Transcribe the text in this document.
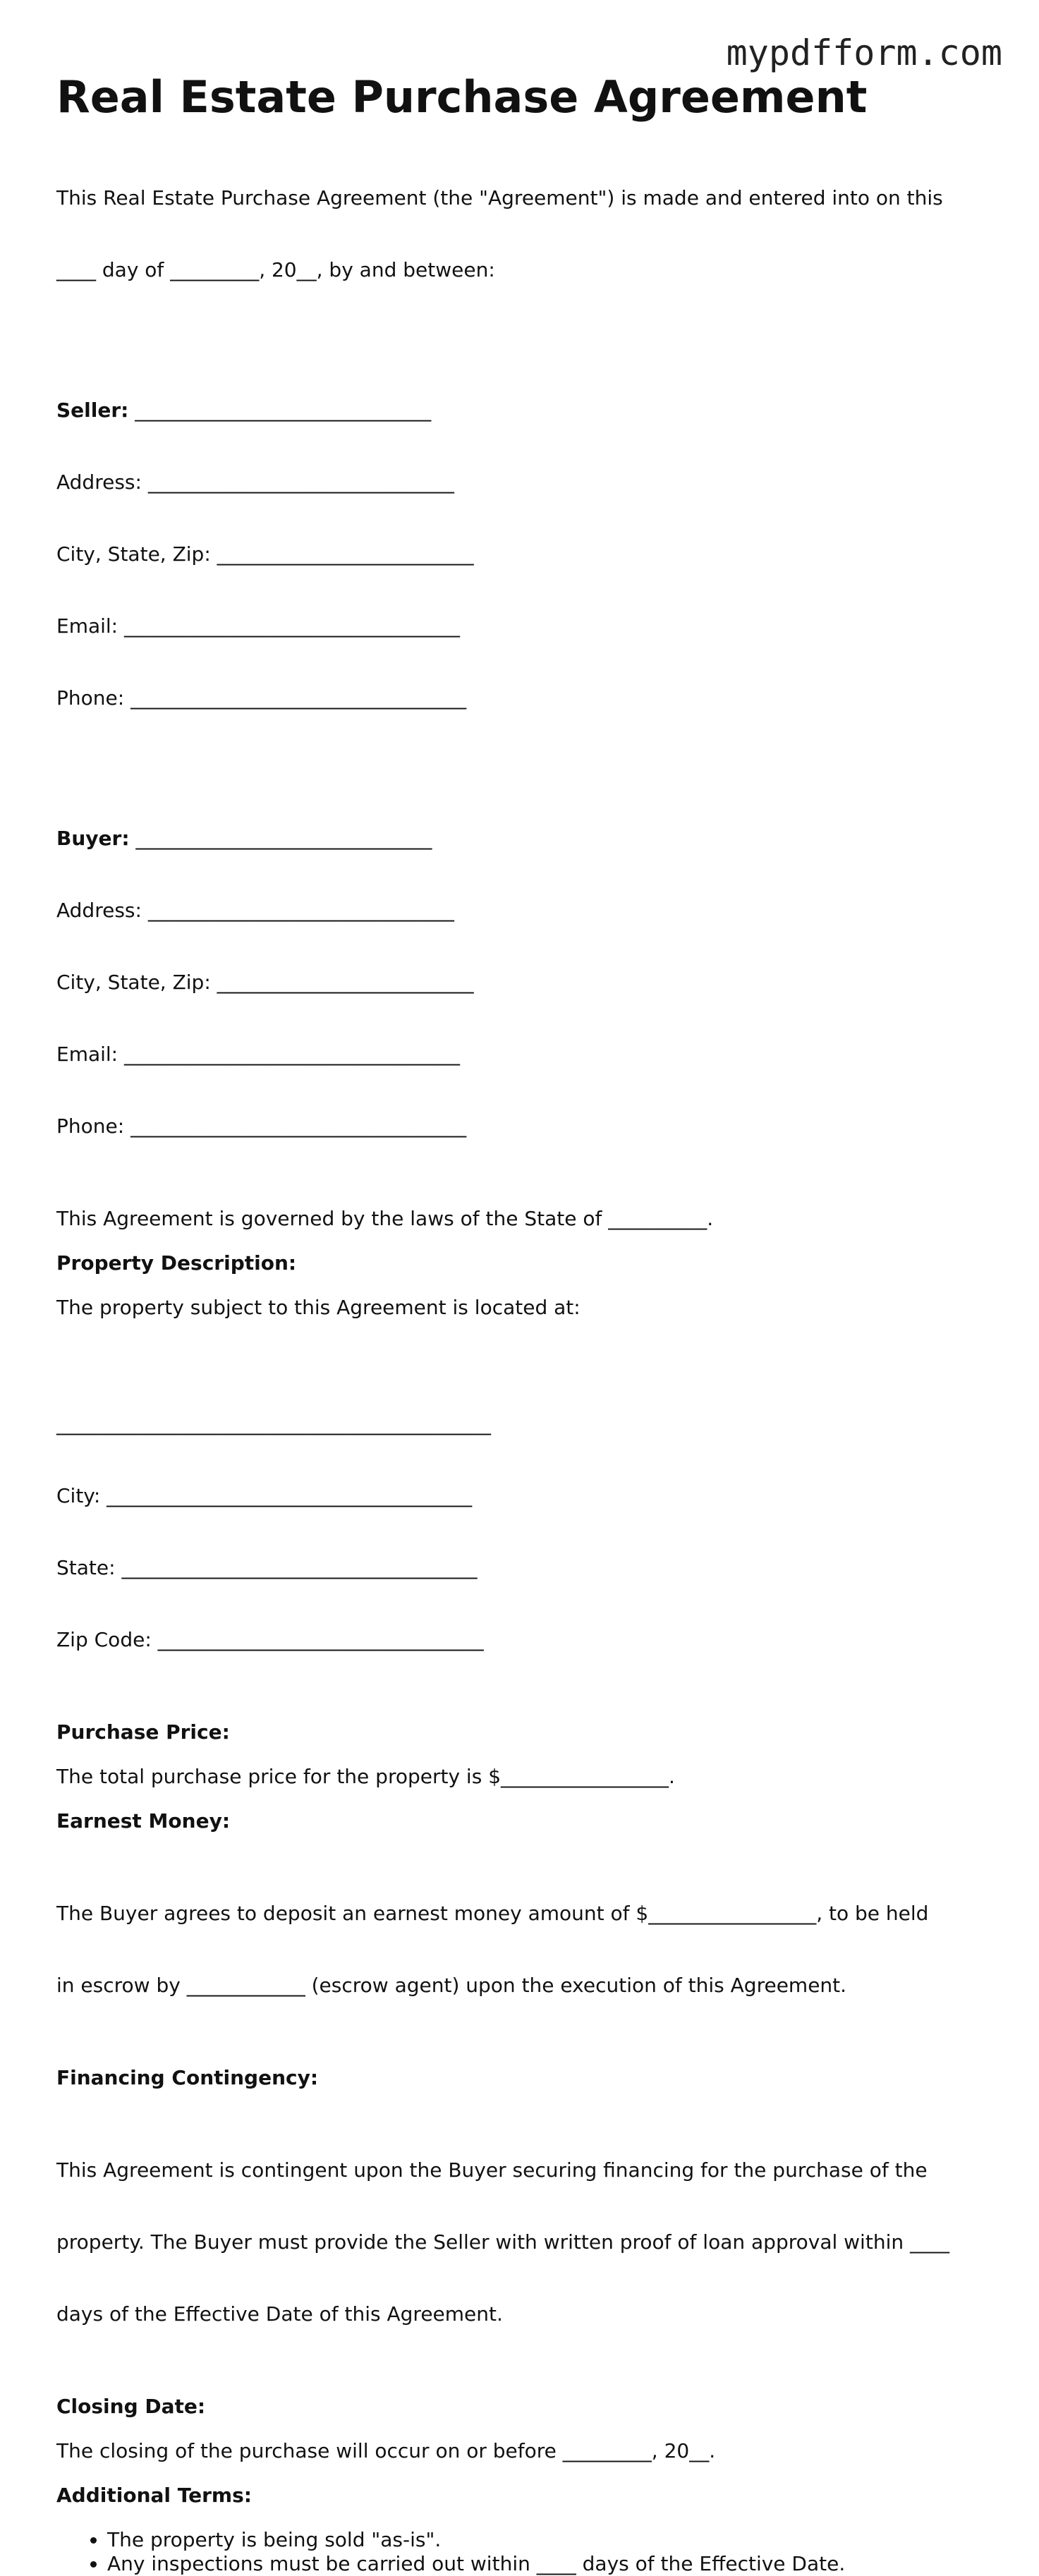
mypdfform.com
Real Estate Purchase Agreement

This Real Estate Purchase Agreement (the "Agreement") is made and entered into on this

____ day of _________, 20__, by and between:

Seller: ______________________________

Address: _______________________________

City, State, Zip: __________________________

Email: __________________________________

Phone: __________________________________

Buyer: ______________________________

Address: _______________________________

City, State, Zip: __________________________

Email: __________________________________

Phone: __________________________________

This Agreement is governed by the laws of the State of __________.
Property Description:
The property subject to this Agreement is located at:

____________________________________________

City: _____________________________________

State: ____________________________________

Zip Code: _________________________________

Purchase Price:
The total purchase price for the property is $_________________.
Earnest Money:

The Buyer agrees to deposit an earnest money amount of $_________________, to be held

in escrow by ____________ (escrow agent) upon the execution of this Agreement.

Financing Contingency:

This Agreement is contingent upon the Buyer securing financing for the purchase of the

property. The Buyer must provide the Seller with written proof of loan approval within ____

days of the Effective Date of this Agreement.

Closing Date:
The closing of the purchase will occur on or before _________, 20__.
Additional Terms:
• The property is being sold "as-is".
• Any inspections must be carried out within ____ days of the Effective Date.
